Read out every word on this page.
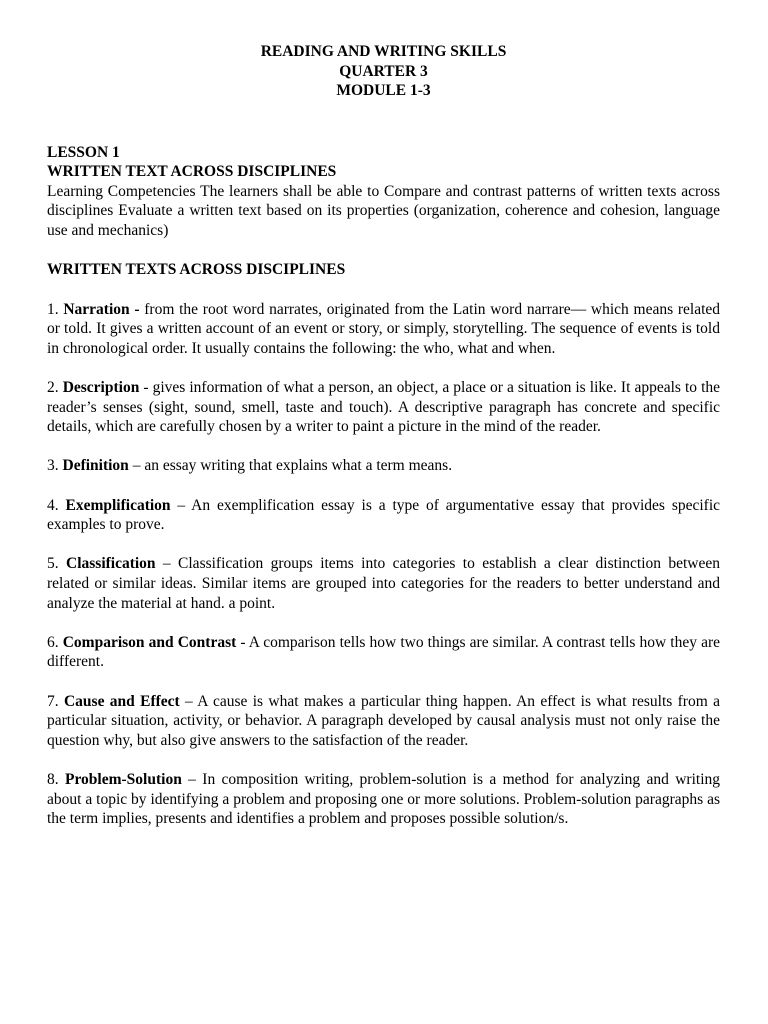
READING AND WRITING SKILLS
QUARTER 3
MODULE 1-3
LESSON 1
WRITTEN TEXT ACROSS DISCIPLINES
Learning Competencies The learners shall be able to Compare and contrast patterns of written texts across disciplines Evaluate a written text based on its properties (organization, coherence and cohesion, language use and mechanics)
WRITTEN TEXTS ACROSS DISCIPLINES
1. Narration - from the root word narrates, originated from the Latin word narrare— which means related or told. It gives a written account of an event or story, or simply, storytelling. The sequence of events is told in chronological order. It usually contains the following: the who, what and when.
2. Description - gives information of what a person, an object, a place or a situation is like. It appeals to the reader’s senses (sight, sound, smell, taste and touch). A descriptive paragraph has concrete and specific details, which are carefully chosen by a writer to paint a picture in the mind of the reader.
3. Definition – an essay writing that explains what a term means.
4. Exemplification – An exemplification essay is a type of argumentative essay that provides specific examples to prove.
5. Classification – Classification groups items into categories to establish a clear distinction between related or similar ideas. Similar items are grouped into categories for the readers to better understand and analyze the material at hand. a point.
6. Comparison and Contrast - A comparison tells how two things are similar. A contrast tells how they are different.
7. Cause and Effect – A cause is what makes a particular thing happen. An effect is what results from a particular situation, activity, or behavior. A paragraph developed by causal analysis must not only raise the question why, but also give answers to the satisfaction of the reader.
8. Problem-Solution – In composition writing, problem-solution is a method for analyzing and writing about a topic by identifying a problem and proposing one or more solutions. Problem-solution paragraphs as the term implies, presents and identifies a problem and proposes possible solution/s.
